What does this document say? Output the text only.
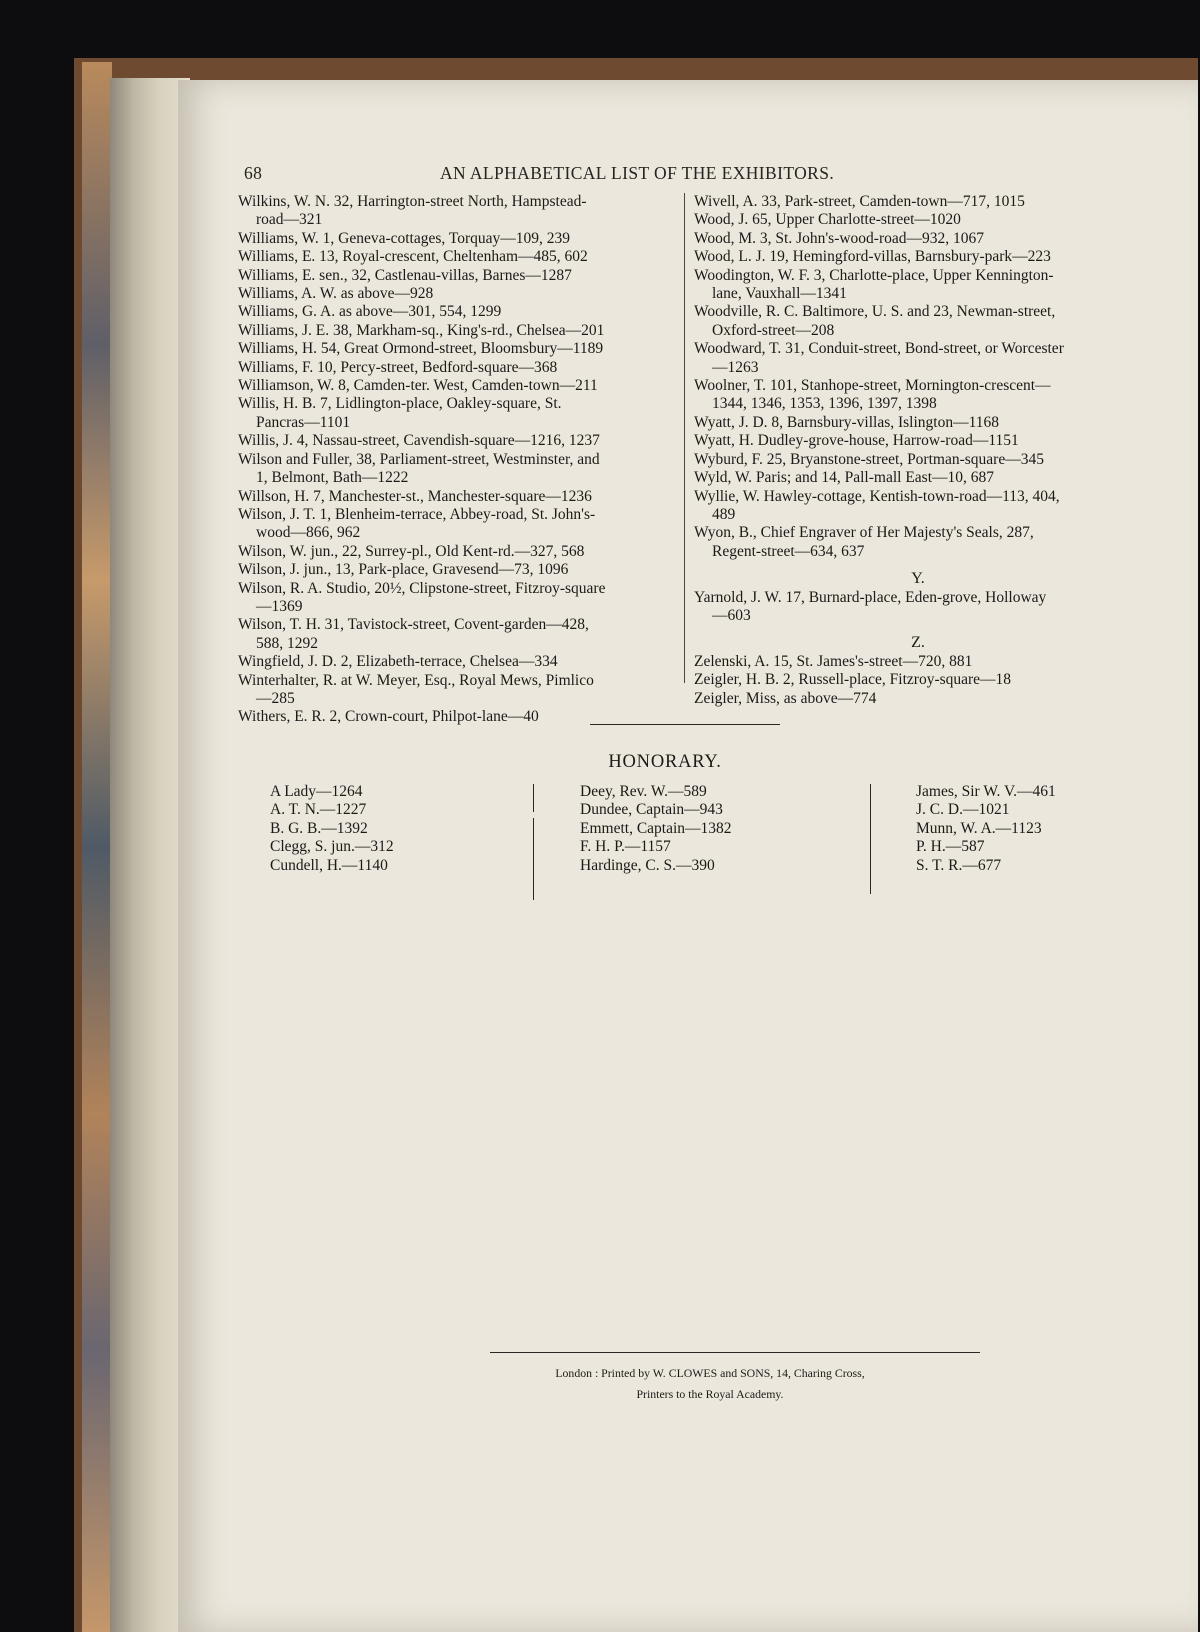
68	AN ALPHABETICAL LIST OF THE EXHIBITORS.
Wilkins, W. N. 32, Harrington-street North, Hampstead-
road—321
Williams, W. 1, Geneva-cottages, Torquay—109, 239
Williams, E. 13, Royal-crescent, Cheltenham—485, 602
Williams, E. sen., 32, Castlenau-villas, Barnes—1287
Williams, A. W. as above—928
Williams, G. A. as above—301, 554, 1299
Williams, J. E. 38, Markham-sq., King's-rd., Chelsea—201
Williams, H. 54, Great Ormond-street, Bloomsbury—1189
Williams, F. 10, Percy-street, Bedford-square—368
Williamson, W. 8, Camden-ter. West, Camden-town—211
Willis, H. B. 7, Lidlington-place, Oakley-square, St.
Pancras—1101
Willis, J. 4, Nassau-street, Cavendish-square—1216, 1237
Wilson and Fuller, 38, Parliament-street, Westminster, and
1, Belmont, Bath—1222
Willson, H. 7, Manchester-st., Manchester-square—1236
Wilson, J. T. 1, Blenheim-terrace, Abbey-road, St. John's-
wood—866, 962
Wilson, W. jun., 22, Surrey-pl., Old Kent-rd.—327, 568
Wilson, J. jun., 13, Park-place, Gravesend—73, 1096
Wilson, R. A. Studio, 20½, Clipstone-street, Fitzroy-square
—1369
Wilson, T. H. 31, Tavistock-street, Covent-garden—428,
588, 1292
Wingfield, J. D. 2, Elizabeth-terrace, Chelsea—334
Winterhalter, R. at W. Meyer, Esq., Royal Mews, Pimlico
—285
Withers, E. R. 2, Crown-court, Philpot-lane—40
Wivell, A. 33, Park-street, Camden-town—717, 1015
Wood, J. 65, Upper Charlotte-street—1020
Wood, M. 3, St. John's-wood-road—932, 1067
Wood, L. J. 19, Hemingford-villas, Barnsbury-park—223
Woodington, W. F. 3, Charlotte-place, Upper Kennington-
lane, Vauxhall—1341
Woodville, R. C. Baltimore, U. S. and 23, Newman-street,
Oxford-street—208
Woodward, T. 31, Conduit-street, Bond-street, or Worcester
—1263
Woolner, T. 101, Stanhope-street, Mornington-crescent—
1344, 1346, 1353, 1396, 1397, 1398
Wyatt, J. D. 8, Barnsbury-villas, Islington—1168
Wyatt, H. Dudley-grove-house, Harrow-road—1151
Wyburd, F. 25, Bryanstone-street, Portman-square—345
Wyld, W. Paris; and 14, Pall-mall East—10, 687
Wyllie, W. Hawley-cottage, Kentish-town-road—113, 404,
489
Wyon, B., Chief Engraver of Her Majesty's Seals, 287,
Regent-street—634, 637
Y.
Yarnold, J. W. 17, Burnard-place, Eden-grove, Holloway
—603
Z.
Zelenski, A. 15, St. James's-street—720, 881
Zeigler, H. B. 2, Russell-place, Fitzroy-square—18
Zeigler, Miss, as above—774
HONORARY.
A Lady—1264
A. T. N.—1227
B. G. B.—1392
Clegg, S. jun.—312
Cundell, H.—1140
Deey, Rev. W.—589
Dundee, Captain—943
Emmett, Captain—1382
F. H. P.—1157
Hardinge, C. S.—390
James, Sir W. V.—461
J. C. D.—1021
Munn, W. A.—1123
P. H.—587
S. T. R.—677
London : Printed by W. CLOWES and SONS, 14, Charing Cross,
Printers to the Royal Academy.
